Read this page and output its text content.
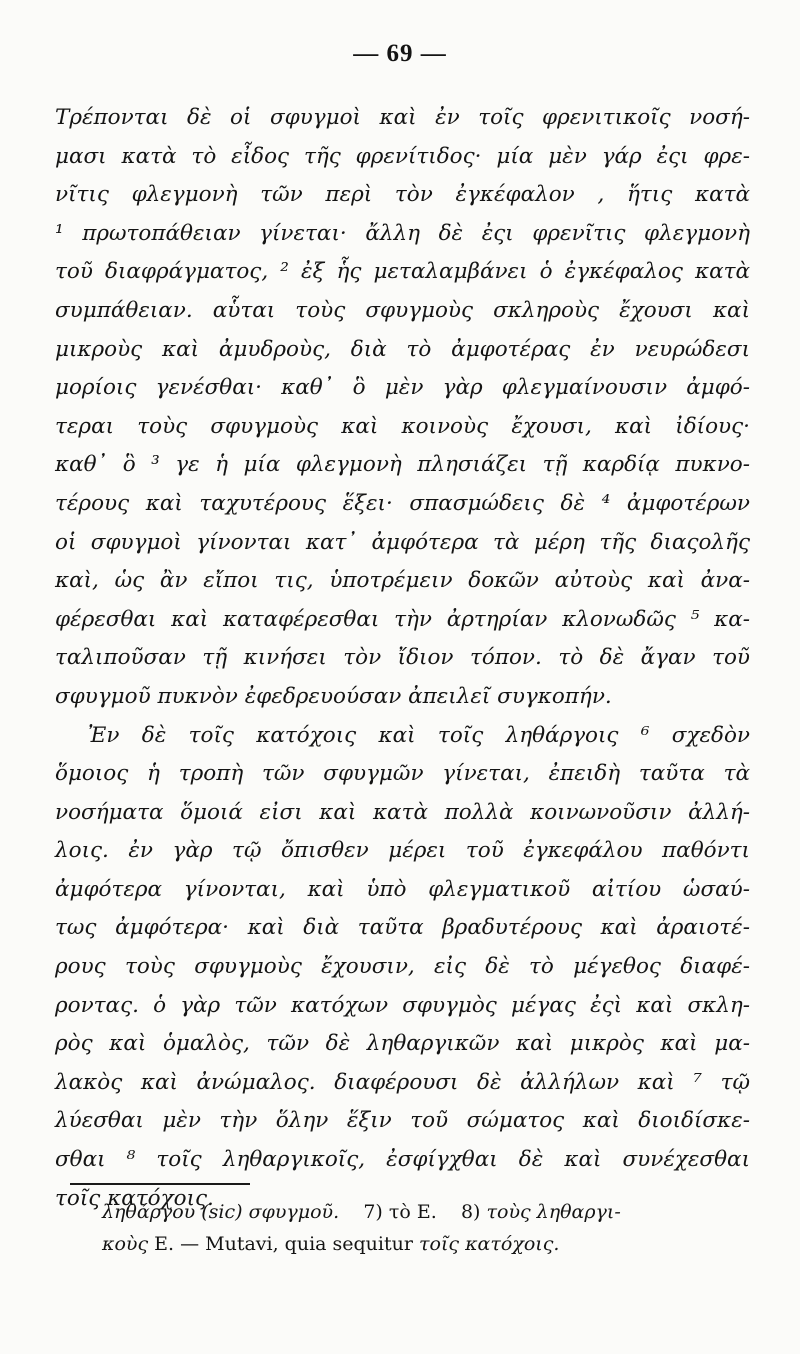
— 69 —
Τρέπονται δὲ οἱ σφυγμοὶ καὶ ἐν τοῖς φρενιτικοῖς νοσή-
μασι κατὰ τὸ εἶδος τῆς φρενίτιδος· μία μὲν γάρ ἐςι φρε-
νῖτις φλεγμονὴ τῶν περὶ τὸν ἐγκέφαλον , ἥτις κατὰ
¹ πρωτοπάθειαν γίνεται· ἄλλη δὲ ἐςι φρενῖτις φλεγμονὴ
τοῦ διαφράγματος, ² ἐξ ἧς μεταλαμβάνει ὁ ἐγκέφαλος κατὰ
συμπάθειαν. αὗται τοὺς σφυγμοὺς σκληροὺς ἔχουσι καὶ
μικροὺς καὶ ἀμυδροὺς, διὰ τὸ ἀμφοτέρας ἐν νευρώδεσι
μορίοις γενέσθαι· καθ᾽ ὃ μὲν γὰρ φλεγμαίνουσιν ἀμφό-
τεραι τοὺς σφυγμοὺς καὶ κοινοὺς ἔχουσι, καὶ ἰδίους·
καθ᾽ ὃ ³ γε ἡ μία φλεγμονὴ πλησιάζει τῇ καρδίᾳ πυκνο-
τέρους καὶ ταχυτέρους ἕξει· σπασμώδεις δὲ ⁴ ἀμφοτέρων
οἱ σφυγμοὶ γίνονται κατ᾽ ἀμφότερα τὰ μέρη τῆς διαςολῆς
καὶ, ὡς ἂν εἴποι τις, ὑποτρέμειν δοκῶν αὐτοὺς καὶ ἀνα-
φέρεσθαι καὶ καταφέρεσθαι τὴν ἀρτηρίαν κλονωδῶς ⁵ κα-
ταλιποῦσαν τῇ κινήσει τὸν ἴδιον τόπον. τὸ δὲ ἄγαν τοῦ
σφυγμοῦ πυκνὸν ἐφεδρευούσαν ἀπειλεῖ συγκοπήν.
Ἐν δὲ τοῖς κατόχοις καὶ τοῖς ληθάργοις ⁶ σχεδὸν
ὅμοιος ἡ τροπὴ τῶν σφυγμῶν γίνεται, ἐπειδὴ ταῦτα τὰ
νοσήματα ὅμοιά εἰσι καὶ κατὰ πολλὰ κοινωνοῦσιν ἀλλή-
λοις. ἐν γὰρ τῷ ὄπισθεν μέρει τοῦ ἐγκεφάλου παθόντι
ἀμφότερα γίνονται, καὶ ὑπὸ φλεγματικοῦ αἰτίου ὡσαύ-
τως ἀμφότερα· καὶ διὰ ταῦτα βραδυτέρους καὶ ἀραιοτέ-
ρους τοὺς σφυγμοὺς ἔχουσιν, εἰς δὲ τὸ μέγεθος διαφέ-
ροντας. ὁ γὰρ τῶν κατόχων σφυγμὸς μέγας ἐςὶ καὶ σκλη-
ρὸς καὶ ὁμαλὸς, τῶν δὲ ληθαργικῶν καὶ μικρὸς καὶ μα-
λακὸς καὶ ἀνώμαλος. διαφέρουσι δὲ ἀλλήλων καὶ ⁷ τῷ
λύεσθαι μὲν τὴν ὅλην ἕξιν τοῦ σώματος καὶ διοιδίσκε-
σθαι ⁸ τοῖς ληθαργικοῖς, ἐσφίγχθαι δὲ καὶ συνέχεσθαι
τοῖς κατόχοις.
ληθάργου (sic) σφυγμοῦ. 7) τὸ E. 8) τοὺς ληθαργι-
κοὺς E. — Mutavi, quia sequitur τοῖς κατόχοις.
